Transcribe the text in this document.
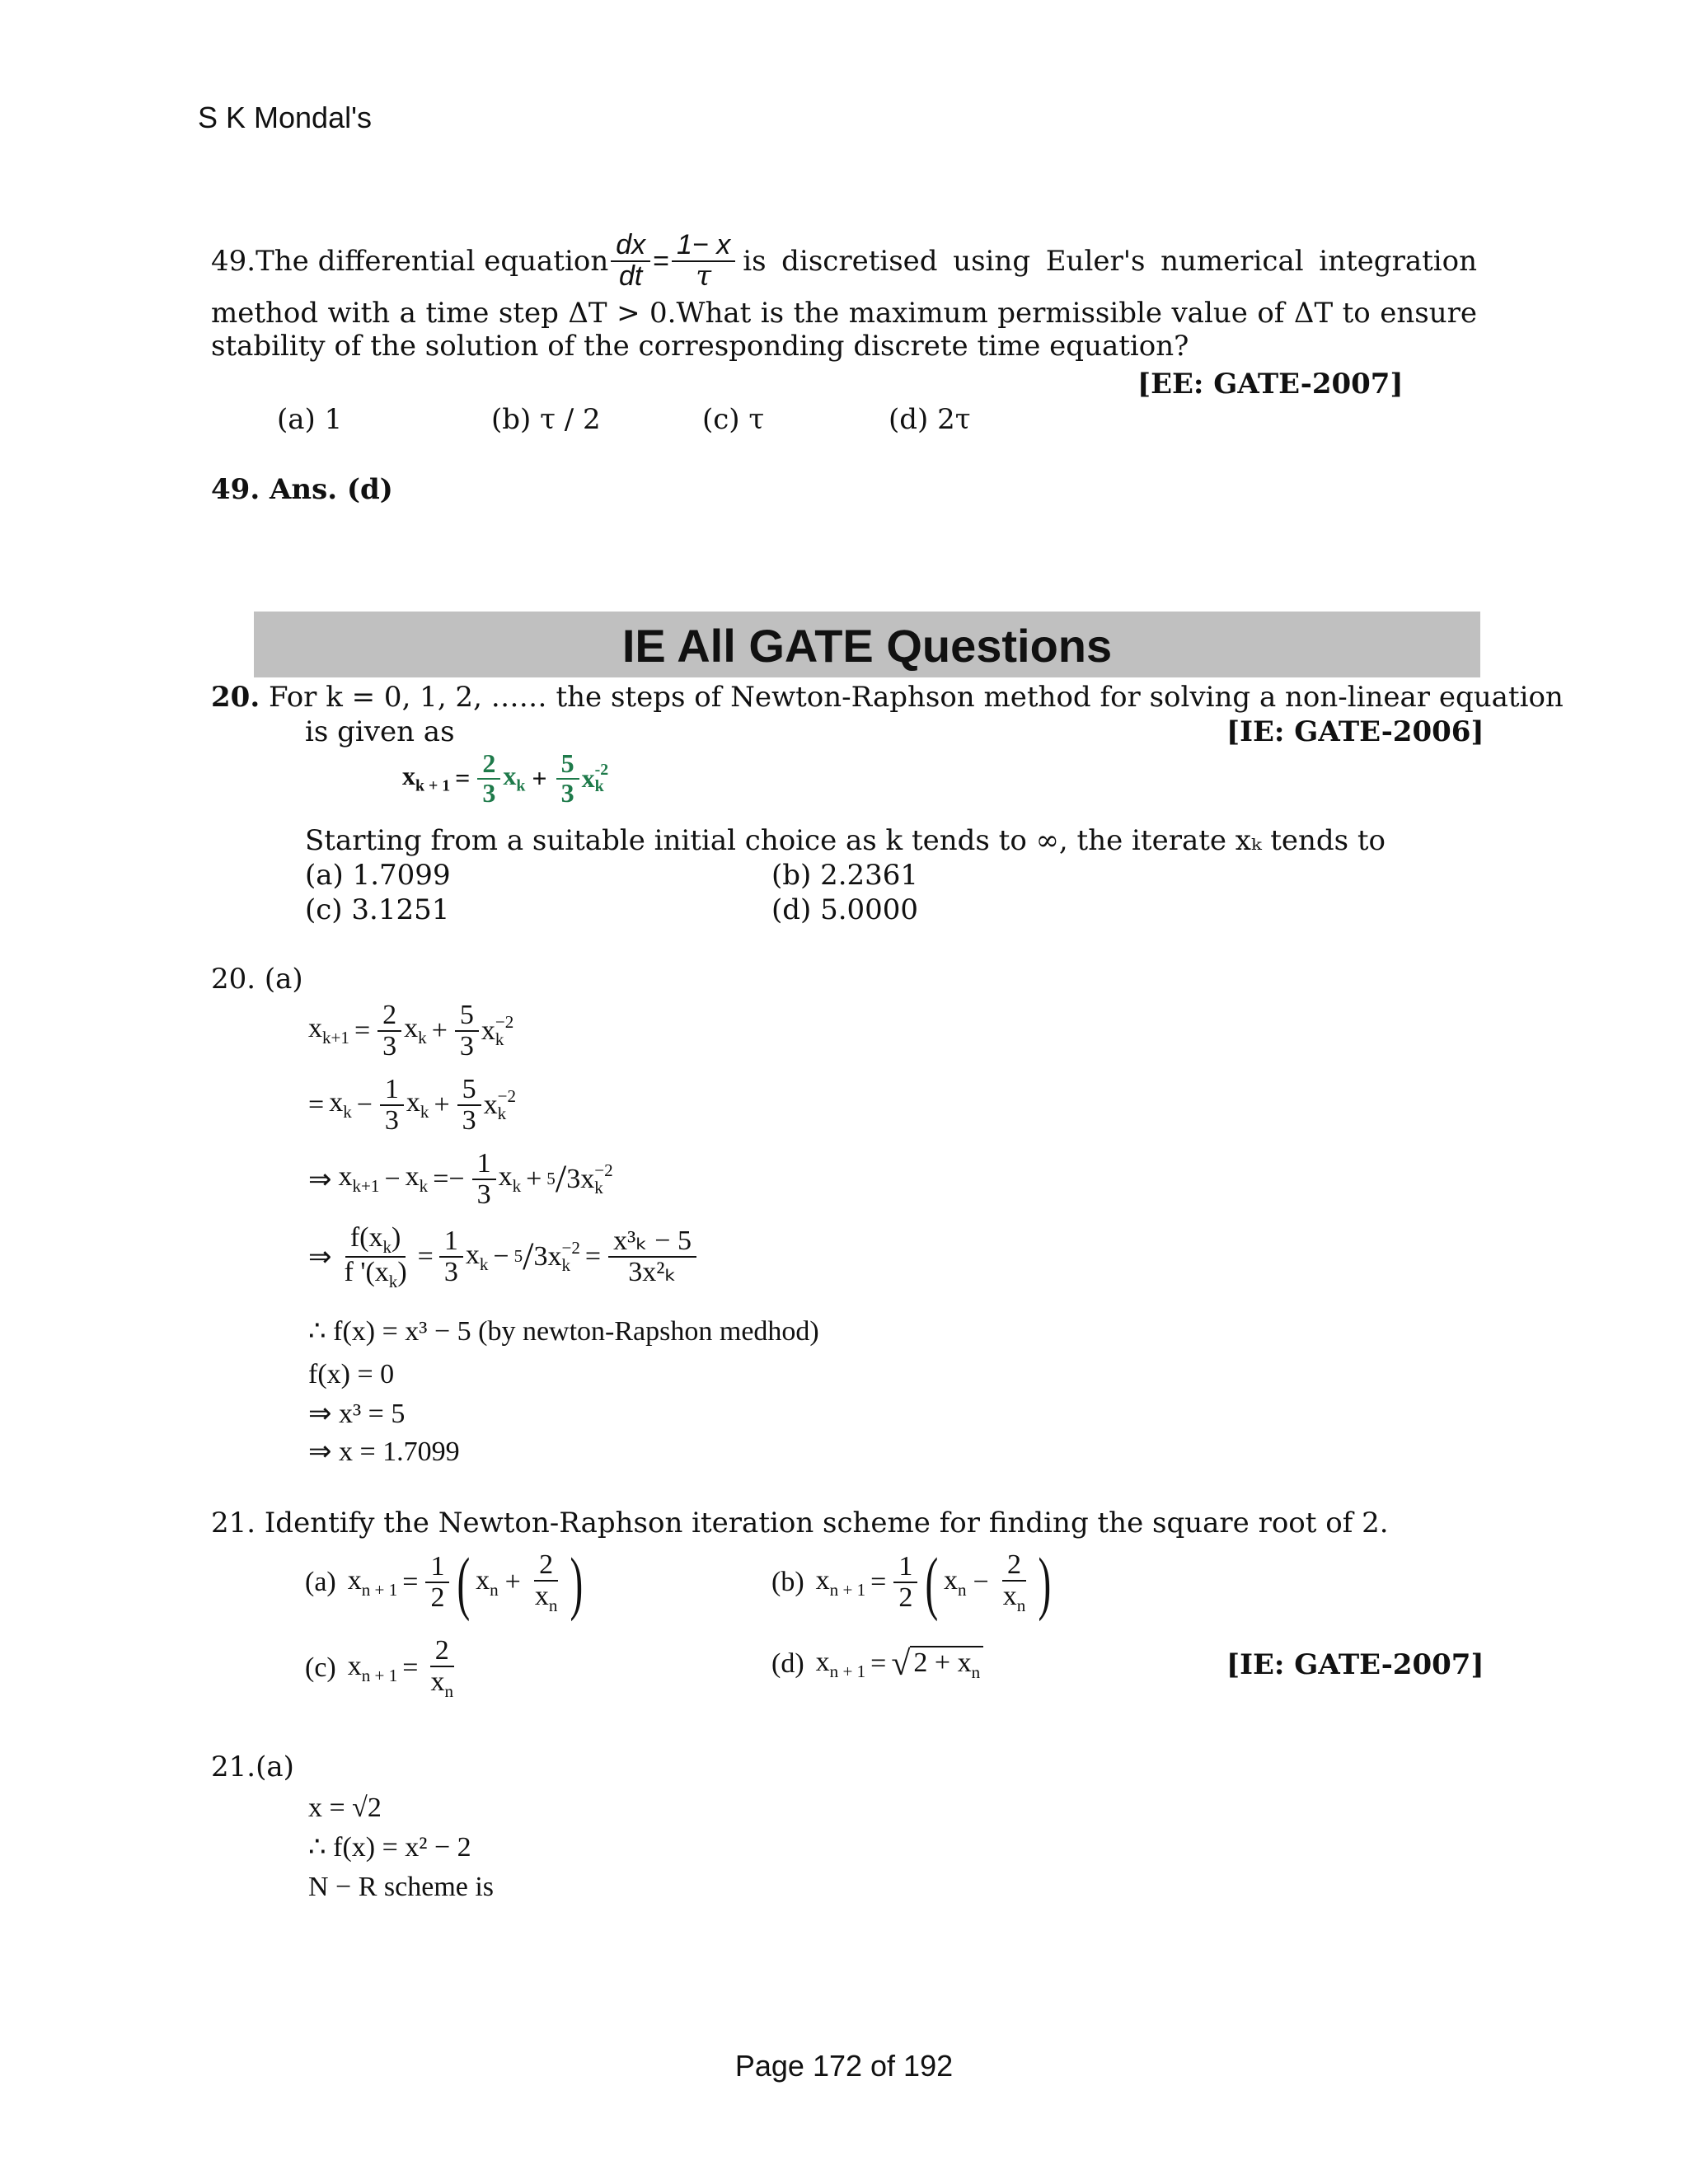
S K Mondal's
49. The differential equation $\frac{dx}{dt} = \frac{1- x}{\tau}$ is discretised using Euler's numerical integration
method with a time step ΔT > 0.What is the maximum permissible value of ΔT to ensure
stability of the solution of the corresponding discrete time equation?
[EE: GATE-2007]
(a) 1	(b) τ / 2	(c) τ	(d) 2τ
49. Ans. (d)
IE All GATE Questions
20. For k = 0, 1, 2, …… the steps of Newton-Raphson method for solving a non-linear equation
is given as	[IE: GATE-2006]
$x_{k + 1} = \frac{2}{3} x_k + \frac{5}{3}$ x -2
k
Starting from a suitable initial choice as k tends to ∞, the iterate xₖ tends to
(a) 1.7099	(b) 2.2361
(c) 3.1251	(d) 5.0000
20. (a)
$x_{k+1} = \frac{2}{3} x_k + \frac{5}{3}$ x −2
k
= $x_k - \frac{1}{3} x_k + \frac{5}{3}$ x −2
k
⇒ $x_{k+1} - x_k =- \frac{1}{3} x_k + 5 / 3$ x −2
k
⇒ $\frac{f(x_k)}{f '(x_k)} = \frac{1}{3} x_k - 5 / 3$ x −2
$k = \frac{\text{x³ₖ − 5}}{\text{3x²ₖ}}$
∴ f(x) = x³ − 5 (by newton-Rapshon medhod)
f(x) = 0
⇒ x³ = 5
⇒ x = 1.7099
21. Identify the Newton-Raphson iteration scheme for finding the square root of 2.
(a) $x_{n + 1} = \frac{1}{2}$ ( $x_n + \frac{2}{x_n}$ )	(b) $x_{n + 1} = \frac{1}{2}$ ( $x_n - \frac{2}{x_n}$ )
(c) $x_{n + 1} = \frac{2}{x_n}$	(d) $x_{n + 1}$ = √ $2 + x_n$	[IE: GATE-2007]
21.(a)
x = √2
∴ f(x) = x² − 2
N − R scheme is
Page 172 of 192
